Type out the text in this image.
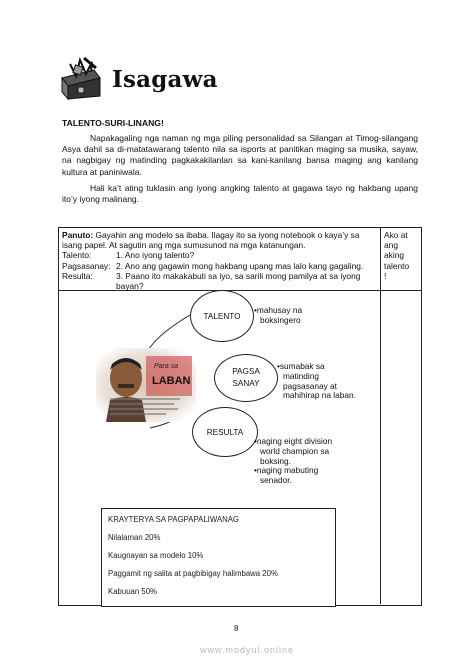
Isagawa
TALENTO-SURI-LINANG!
Napakagaling nga naman ng mga piling personalidad sa Silangan at Timog-silangang Asya dahil sa di-matatawarang talento nila sa isports at panitikan maging sa musika, sayaw, na nagbigay ng matinding pagkakakilanlan sa kani-kanilang bansa maging ang kanilang kultura at paniniwala.
Hali ka’t ating tuklasin ang iyong angking talento at gagawa tayo ng hakbang upang ito’y iyong malinang.
Panuto: Gayahin ang modelo sa ibaba. Ilagay ito sa iyong notebook o kaya’y sa isang papel. At sagutin ang mga sumusunod na mga katanungan.
Talento:	1. Ano iyong talento?
Pagsasanay: 2. Ano ang gagawin mong hakbang upang mas lalo kang gagaling.
Resulta:	3. Paano ito makakabuti sa iyo, sa sarili mong pamilya at sa iyong bayan?
Ako at
ang
aking
talento
!
Para sa
LABAN
TALENTO
PAGSA
SANAY
RESULTA
•mahusay na
boksingero
•sumabak sa
matinding
pagsasanay at
mahihirap na laban.
•naging eight division
world champion sa
boksing.
•naging mabuting
senador.
KRAYTERYA SA PAGPAPALIWANAG
Nilalaman 20%
Kaugnayan sa modelo 10%
Paggamit ng salita at pagbibigay halimbawa 20%
Kabuuan 50%
8
www.modyul.online
